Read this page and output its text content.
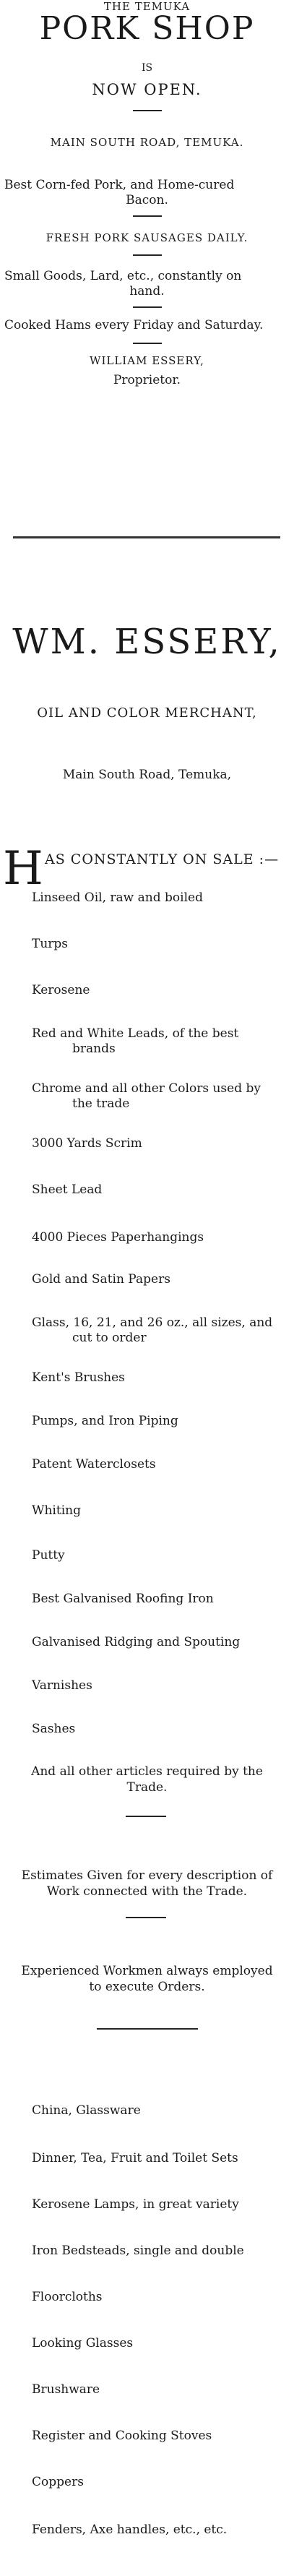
THE TEMUKA
PORK SHOP
IS
NOW OPEN.
MAIN SOUTH ROAD, TEMUKA.
Best Corn-fed Pork, and Home-cured
Bacon.
FRESH PORK SAUSAGES DAILY.
Small Goods, Lard, etc., constantly on
hand.
Cooked Hams every Friday and Saturday.
WILLIAM ESSERY,
Proprietor.
WM. ESSERY,
OIL AND COLOR MERCHANT,
Main South Road, Temuka,
H AS CONSTANTLY ON SALE :—
Linseed Oil, raw and boiled
Turps
Kerosene
Red and White Leads, of the best
brands
Chrome and all other Colors used by
the trade
3000 Yards Scrim
Sheet Lead
4000 Pieces Paperhangings
Gold and Satin Papers
Glass, 16, 21, and 26 oz., all sizes, and
cut to order
Kent's Brushes
Pumps, and Iron Piping
Patent Waterclosets
Whiting
Putty
Best Galvanised Roofing Iron
Galvanised Ridging and Spouting
Varnishes
Sashes
And all other articles required by the
Trade.
Estimates Given for every description of
Work connected with the Trade.
Experienced Workmen always employed
to execute Orders.
China, Glassware
Dinner, Tea, Fruit and Toilet Sets
Kerosene Lamps, in great variety
Iron Bedsteads, single and double
Floorcloths
Looking Glasses
Brushware
Register and Cooking Stoves
Coppers
Fenders, Axe handles, etc., etc.
